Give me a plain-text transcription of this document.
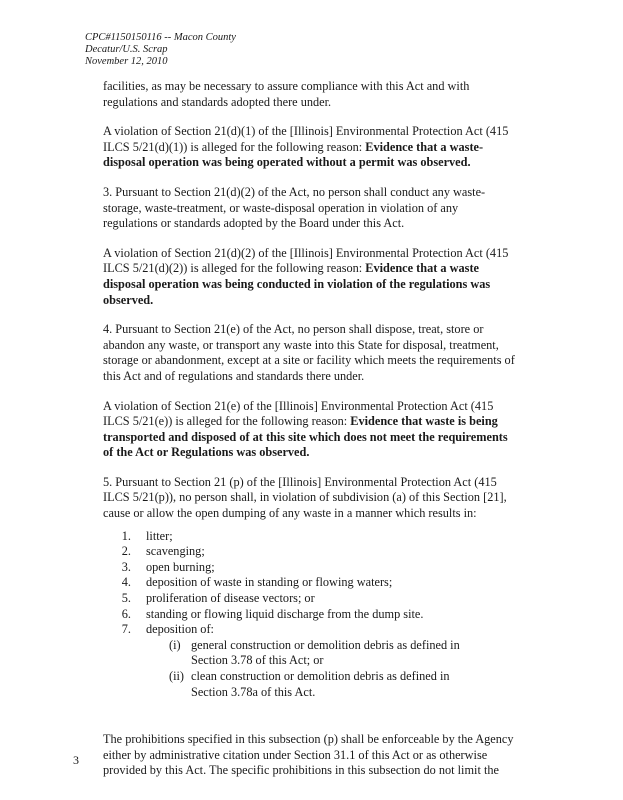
CPC#1150150116 -- Macon County
Decatur/U.S. Scrap
November 12, 2010

facilities, as may be necessary to assure compliance with this Act and with regulations and standards adopted there under.

A violation of Section 21(d)(1) of the [Illinois] Environmental Protection Act (415 ILCS 5/21(d)(1)) is alleged for the following reason: Evidence that a waste-disposal operation was being operated without a permit was observed.

3. Pursuant to Section 21(d)(2) of the Act, no person shall conduct any waste-storage, waste-treatment, or waste-disposal operation in violation of any regulations or standards adopted by the Board under this Act.

A violation of Section 21(d)(2) of the [Illinois] Environmental Protection Act (415 ILCS 5/21(d)(2)) is alleged for the following reason: Evidence that a waste disposal operation was being conducted in violation of the regulations was observed.

4. Pursuant to Section 21(e) of the Act, no person shall dispose, treat, store or abandon any waste, or transport any waste into this State for disposal, treatment, storage or abandonment, except at a site or facility which meets the requirements of this Act and of regulations and standards there under.

A violation of Section 21(e) of the [Illinois] Environmental Protection Act (415 ILCS 5/21(e)) is alleged for the following reason: Evidence that waste is being transported and disposed of at this site which does not meet the requirements of the Act or Regulations was observed.

5. Pursuant to Section 21 (p) of the [Illinois] Environmental Protection Act (415 ILCS 5/21(p)), no person shall, in violation of subdivision (a) of this Section [21], cause or allow the open dumping of any waste in a manner which results in:

1. litter;
2. scavenging;
3. open burning;
4. deposition of waste in standing or flowing waters;
5. proliferation of disease vectors; or
6. standing or flowing liquid discharge from the dump site.
7. deposition of:
(i) general construction or demolition debris as defined in Section 3.78 of this Act; or
(ii) clean construction or demolition debris as defined in Section 3.78a of this Act.

The prohibitions specified in this subsection (p) shall be enforceable by the Agency either by administrative citation under Section 31.1 of this Act or as otherwise provided by this Act. The specific prohibitions in this subsection do not limit the

3
